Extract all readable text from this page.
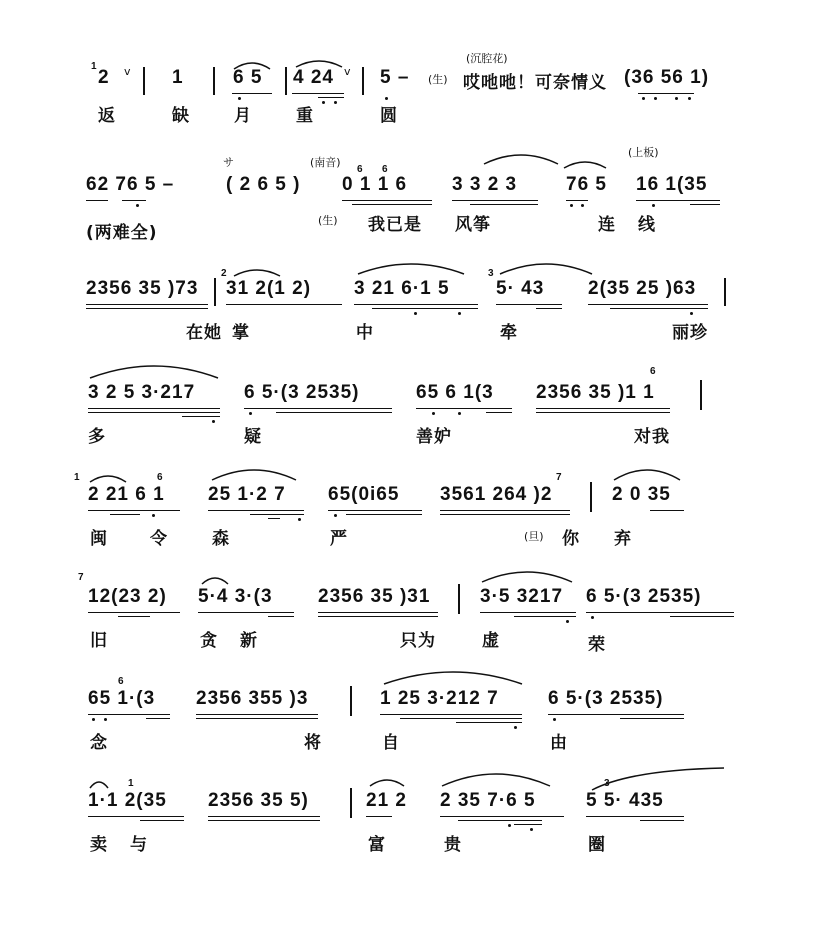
1
2 v 1	6 5 4 24 v 5 –
(沉腔花)
(生) 哎吔吔！可奈情义 (36 56 1)
返	缺	月	重	圆
サ	(南音)
(上板)
62 76 5 –	( 2 6 5 )
6 6
0 1 1 6 3 3 2 3	76 5 16 1(35
(两难全)
(生) 我已是 风筝	连 线
2	3
2356 35 )73 31 2(1 2) 3 21 6·1 5 5· 43 2(35 25 )63
在她 掌	中	牵	丽珍
6
3 2 5 3·217	6 5·(3 2535)	65 6 1(3 2356 35 )1 1
多	疑	善妒	对我
1	6	7
2 21 6 1 25 1·2 7 65(0i65 3561 264 )2	2 0 35
闽 令	森	严	(旦) 你 弃
7
12(23 2) 5·4 3·(3 2356 35 )31	3·5 3217 6 5·(3 2535)
旧	贪 新	只为	虚	荣
6
65 1·(3 2356 355 )3	1 25 3·212 7	6 5·(3 2535)
念	将	自	由
1	3
1·1 2(35 2356 35 5)	21 2 2 35 7·6 5	5 5· 435
卖 与	富	贵	圈
